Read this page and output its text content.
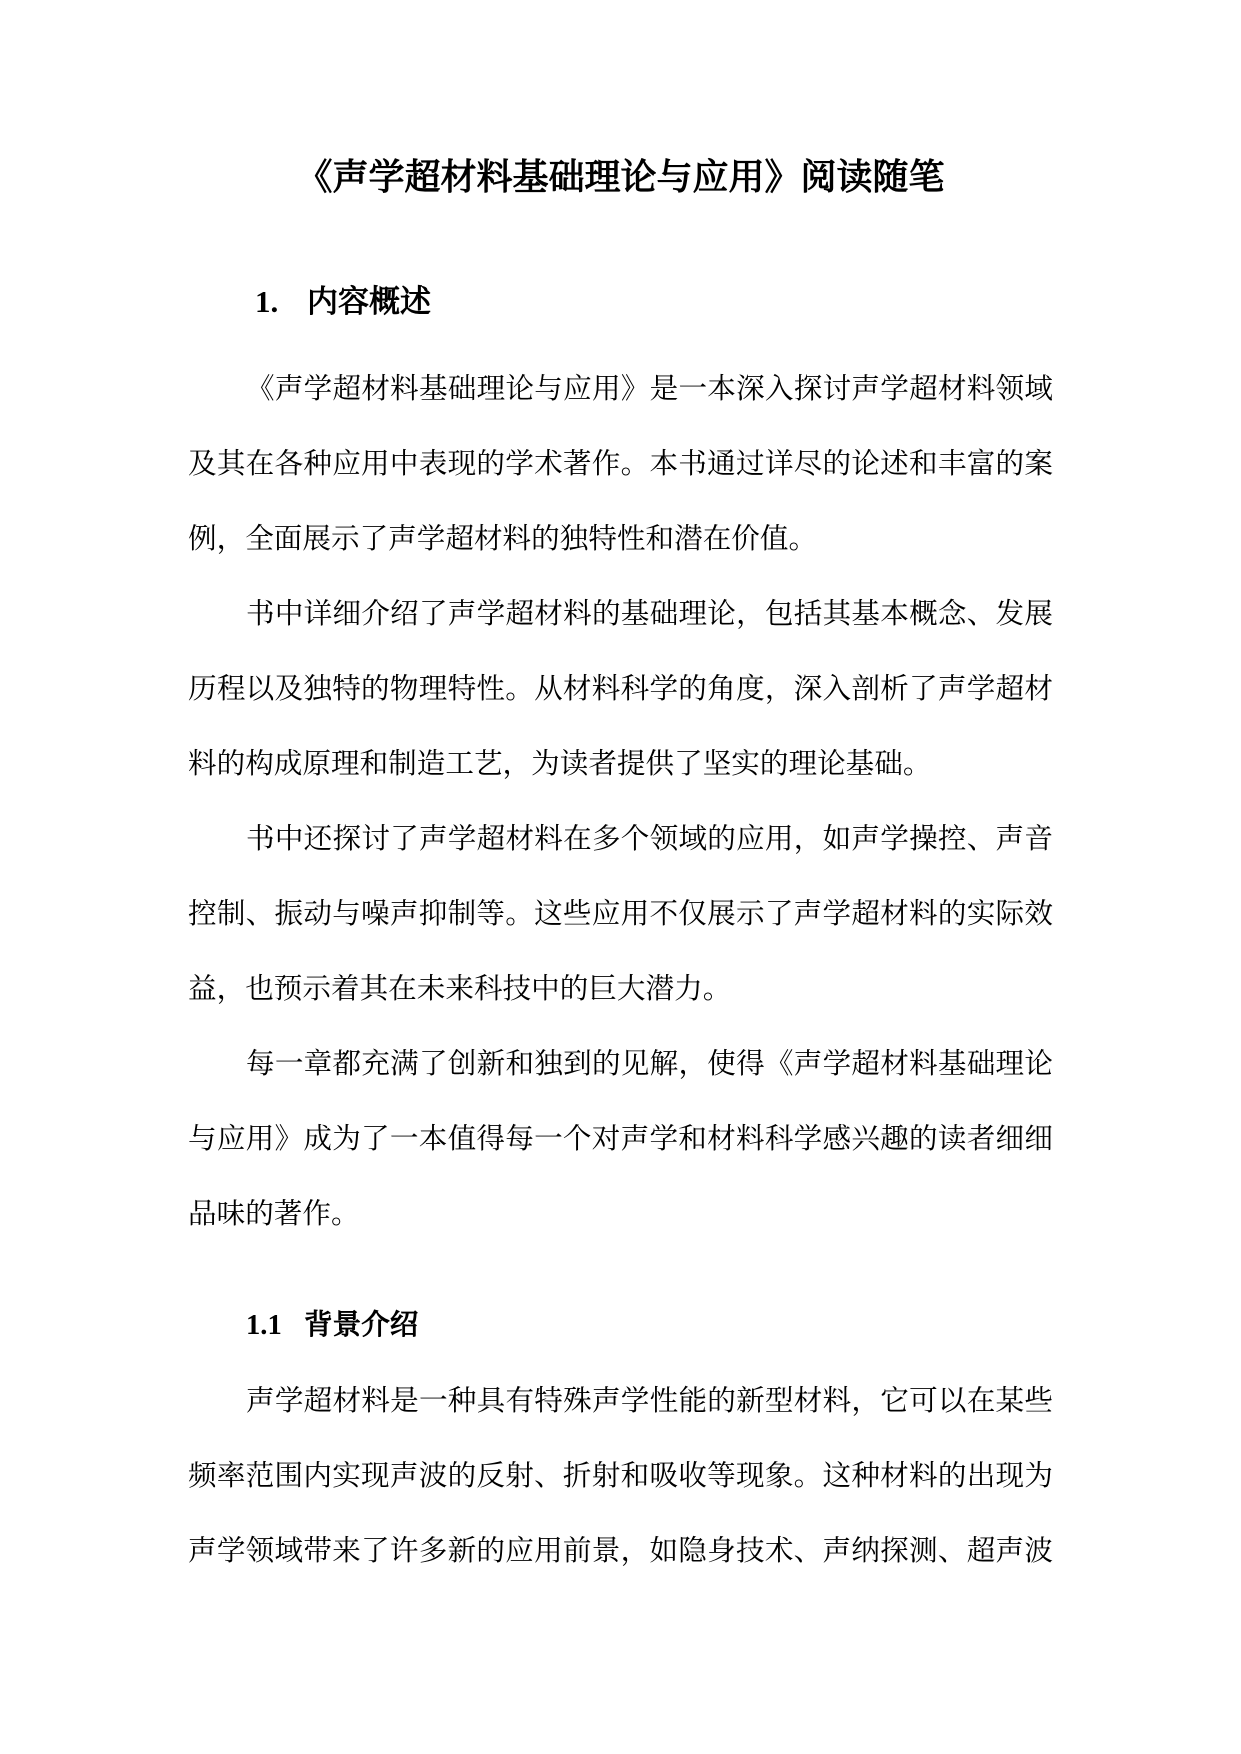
《声学超材料基础理论与应用》阅读随笔
1. 内容概述
《声学超材料基础理论与应用》是一本深入探讨声学超材料领域
及其在各种应用中表现的学术著作。本书通过详尽的论述和丰富的案
例，全面展示了声学超材料的独特性和潜在价值。
书中详细介绍了声学超材料的基础理论，包括其基本概念、发展
历程以及独特的物理特性。从材料科学的角度，深入剖析了声学超材
料的构成原理和制造工艺，为读者提供了坚实的理论基础。
书中还探讨了声学超材料在多个领域的应用，如声学操控、声音
控制、振动与噪声抑制等。这些应用不仅展示了声学超材料的实际效
益，也预示着其在未来科技中的巨大潜力。
每一章都充满了创新和独到的见解，使得《声学超材料基础理论
与应用》成为了一本值得每一个对声学和材料科学感兴趣的读者细细
品味的著作。
1.1 背景介绍
声学超材料是一种具有特殊声学性能的新型材料，它可以在某些
频率范围内实现声波的反射、折射和吸收等现象。这种材料的出现为
声学领域带来了许多新的应用前景，如隐身技术、声纳探测、超声波
